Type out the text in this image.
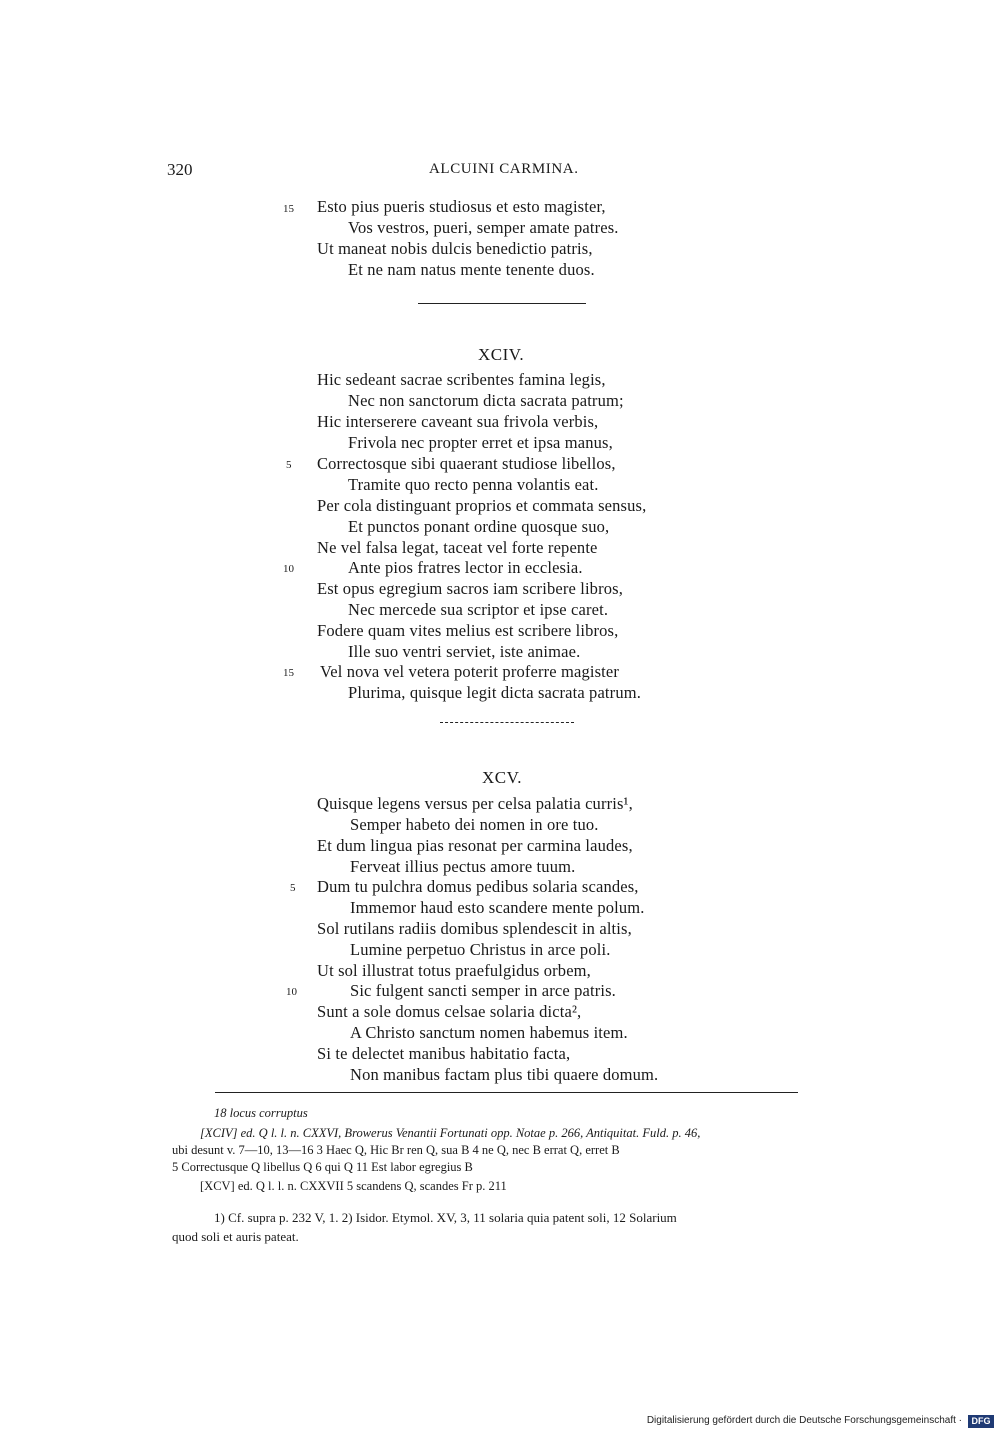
320	ALCUINI CARMINA.
15 Esto pius pueris studiosus et esto magister,
Vos vestros, pueri, semper amate patres.
Ut maneat nobis dulcis benedictio patris,
Et ne nam natus mente tenente duos.
XCIV.
Hic sedeant sacrae scribentes famina legis,
Nec non sanctorum dicta sacrata patrum;
Hic interserere caveant sua frivola verbis,
Frivola nec propter erret et ipsa manus,
5 Correctosque sibi quaerant studiose libellos,
Tramite quo recto penna volantis eat.
Per cola distinguant proprios et commata sensus,
Et punctos ponant ordine quosque suo,
Ne vel falsa legat, taceat vel forte repente
10	Ante pios fratres lector in ecclesia.
Est opus egregium sacros iam scribere libros,
Nec mercede sua scriptor et ipse caret.
Fodere quam vites melius est scribere libros,
Ille suo ventri serviet, iste animae.
15 Vel nova vel vetera poterit proferre magister
Plurima, quisque legit dicta sacrata patrum.
XCV.
Quisque legens versus per celsa palatia curris¹,
Semper habeto dei nomen in ore tuo.
Et dum lingua pias resonat per carmina laudes,
Ferveat illius pectus amore tuum.
5 Dum tu pulchra domus pedibus solaria scandes,
Immemor haud esto scandere mente polum.
Sol rutilans radiis domibus splendescit in altis,
Lumine perpetuo Christus in arce poli.
Ut sol illustrat totus praefulgidus orbem,
10	Sic fulgent sancti semper in arce patris.
Sunt a sole domus celsae solaria dicta²,
A Christo sanctum nomen habemus item.
Si te delectet manibus habitatio facta,
Non manibus factam plus tibi quaere domum.
18 locus corruptus
[XCIV] ed. Q l. l. n. CXXVI, Browerus Venantii Fortunati opp. Notae p. 266, Antiquitat. Fuld. p. 46,
ubi desunt v. 7—10, 13—16 3 Haec Q, Hic Br ren Q, sua B 4 ne Q, nec B errat Q, erret B
5 Correctusque Q libellus Q 6 qui Q 11 Est labor egregius B
[XCV] ed. Q l. l. n. CXXVII 5 scandens Q, scandes Fr p. 211
1) Cf. supra p. 232 V, 1. 2) Isidor. Etymol. XV, 3, 11 solaria quia patent soli, 12 Solarium
quod soli et auris pateat.
Digitalisierung gefördert durch die Deutsche Forschungsgemeinschaft ·	DFG
